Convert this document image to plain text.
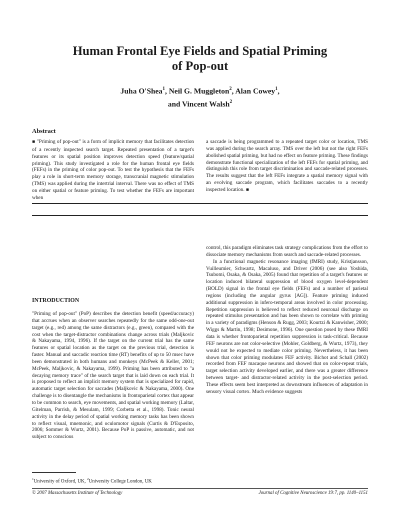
Human Frontal Eye Fields and Spatial Priming
of Pop-out
Juha O'Shea$^1$, Neil G. Muggleton$^2$, Alan Cowey$^1$,
and Vincent Walsh$^2$
Abstract

■ "Priming of pop-out" is a form of implicit memory that facilitates detection of a recently inspected search target. Repeated presentation of a target's features or its spatial position improves detection speed (feature/spatial priming). This study investigated a role for the human frontal eye fields (FEFs) in the priming of color pop-out. To test the hypothesis that the FEFs play a role in short-term memory storage, transcranial magnetic stimulation (TMS) was applied during the intertrial interval. There was no effect of TMS on either spatial or feature priming. To test whether the FEFs are important when

a saccade is being programmed to a repeated target color or location, TMS was applied during the search array. TMS over the left but not the right FEFs abolished spatial priming, but had no effect on feature priming. These findings demonstrate functional specialization of the left FEFs for spatial priming, and distinguish this role from target discrimination and saccade-related processes. The results suggest that the left FEFs integrate a spatial memory signal with an evolving saccade program, which facilitates saccades to a recently inspected location. ■

INTRODUCTION

"Priming of pop-out" (PoP) describes the detection benefit (speed/accuracy) that accrues when an observer searches repeatedly for the same odd-one-out target (e.g., red) among the same distractors (e.g., green), compared with the cost when the target-distractor combinations change across trials (Maljkovic & Nakayama, 1994, 1996). If the target on the current trial has the same features or spatial location as the target on the previous trial, detection is faster. Manual and saccadic reaction time (RT) benefits of up to 50 msec have been demonstrated in both humans and monkeys (McPeek & Keller, 2001; McPeek, Maljkovic, & Nakayama, 1999). Priming has been attributed to "a decaying memory trace" of the search target that is laid down on each trial. It is proposed to reflect an implicit memory system that is specialized for rapid, automatic target selection for saccades (Maljkovic & Nakayama, 2000). One challenge is to disentangle the mechanisms in frontoparietal cortex that appear to be common to search, eye movements, and spatial working memory (Laltar, Gitelman, Parrish, & Mesulam, 1999; Corbetta et al., 1998). Tonic neural activity in the delay period of spatial working memory tasks has been shown to reflect visual, mnemonic, and oculomotor signals (Curtis & D'Esposito, 2006; Sommer & Wurtz, 2001). Because PoP is passive, automatic, and not subject to conscious

control, this paradigm eliminates task strategy complications from the effort to dissociate memory mechanisms from search and saccade-related processes.

In a functional magnetic resonance imaging (fMRI) study, Kristjansson, Vuilleumier, Schwartz, Macaluso, and Driver (2006) (see also Yoshida, Tsubomi, Osaka, & Osaka, 2005) found that repetition of a target's features or location induced bilateral suppression of blood oxygen level-dependent (BOLD) signal in the frontal eye fields (FEFs) and a number of parietal regions (including the angular gyrus [AG]). Feature priming induced additional suppression in infero-temporal areas involved in color processing. Repetition suppression is believed to reflect reduced neuronal discharge on repeated stimulus presentation and has been shown to correlate with priming in a variety of paradigms (Henson & Rugg, 2003; Kourtzi & Kanwisher, 2000; Wiggs & Martin, 1998; Desimone, 1996). One question posed by these fMRI data is whether frontoparietal repetition suppression is task-critical. Because FEF neurons are not color-selective (Mohler, Goldberg, & Wurtz, 1973), they would not be expected to mediate color priming. Nevertheless, it has been shown that color priming modulates FEF activity. Bichot and Schall (2002) recorded from FEF macaque neurons and showed that on color-repeat trials, target selection activity developed earlier, and there was a greater difference between target- and distractor-related activity in the post-selection period. These effects seem best interpreted as downstream influences of adaptation in sensory visual cortex. Much evidence suggests

$^1$University of Oxford, UK, $^2$University College London, UK
© 2007 Massachusetts Institute of Technology	Journal of Cognitive Neuroscience 19:7, pp. 1140–1151
